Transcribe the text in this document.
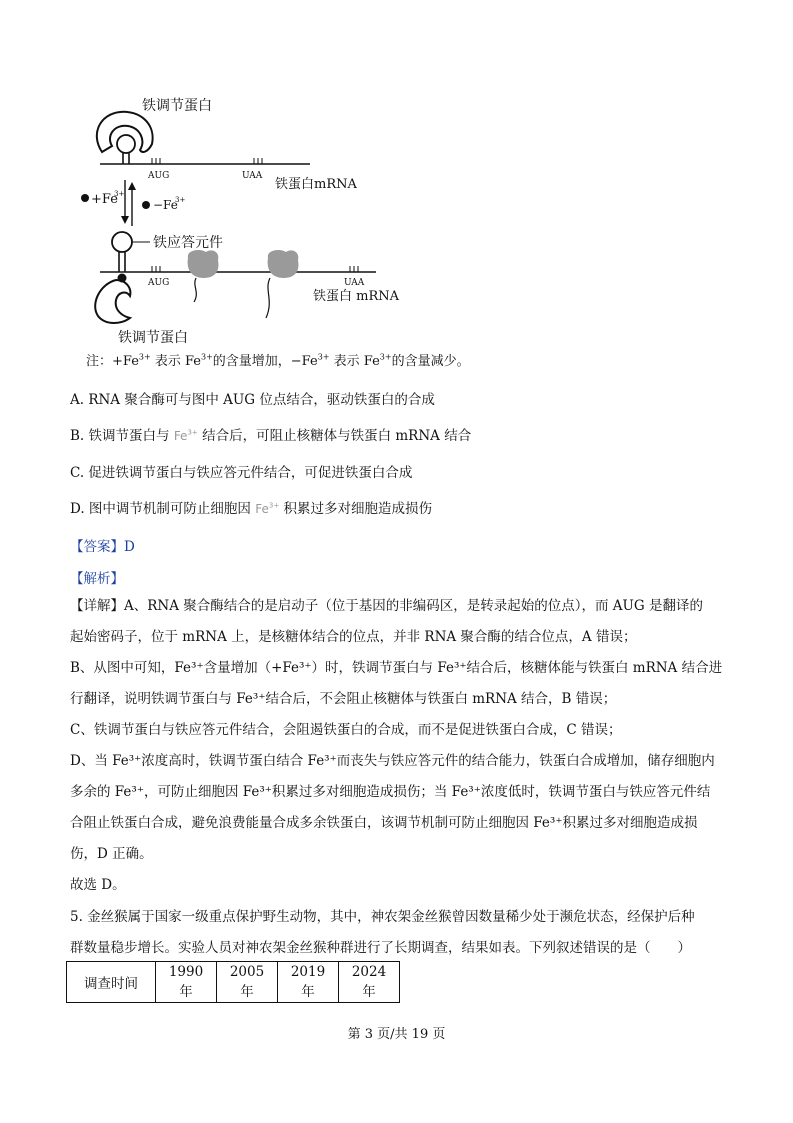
铁调节蛋白
AUG	UAA
铁蛋白mRNA
+Fe
3+
−Fe
3+
铁应答元件
AUG	UAA
铁蛋白 mRNA
铁调节蛋白
注：$+Fe^{3+}$ 表示 $Fe^{3+}$的含量增加，$-Fe^{3+}$ 表示 $Fe^{3+}$的含量减少。
A. RNA 聚合酶可与图中 AUG 位点结合，驱动铁蛋白的合成
B. 铁调节蛋白与 $Fe^{3+}$ 结合后，可阻止核糖体与铁蛋白 mRNA 结合
C. 促进铁调节蛋白与铁应答元件结合，可促进铁蛋白合成
D. 图中调节机制可防止细胞因 $Fe^{3+}$ 积累过多对细胞造成损伤
【答案】D
【解析】
【详解】A、RNA 聚合酶结合的是启动子（位于基因的非编码区，是转录起始的位点），而 AUG 是翻译的
起始密码子，位于 mRNA 上，是核糖体结合的位点，并非 RNA 聚合酶的结合位点，A 错误；
B、从图中可知，Fe³⁺含量增加（+Fe³⁺）时，铁调节蛋白与 Fe³⁺结合后，核糖体能与铁蛋白 mRNA 结合进
行翻译，说明铁调节蛋白与 Fe³⁺结合后，不会阻止核糖体与铁蛋白 mRNA 结合，B 错误；
C、铁调节蛋白与铁应答元件结合，会阻遏铁蛋白的合成，而不是促进铁蛋白合成，C 错误；
D、当 Fe³⁺浓度高时，铁调节蛋白结合 Fe³⁺而丧失与铁应答元件的结合能力，铁蛋白合成增加，储存细胞内
多余的 Fe³⁺，可防止细胞因 Fe³⁺积累过多对细胞造成损伤；当 Fe³⁺浓度低时，铁调节蛋白与铁应答元件结
合阻止铁蛋白合成，避免浪费能量合成多余铁蛋白，该调节机制可防止细胞因 Fe³⁺积累过多对细胞造成损
伤，D 正确。
故选 D。
5. 金丝猴属于国家一级重点保护野生动物，其中，神农架金丝猴曾因数量稀少处于濒危状态，经保护后种
群数量稳步增长。实验人员对神农架金丝猴种群进行了长期调查，结果如表。下列叙述错误的是（　　）
调查时间	1990 年	2005 年	2019 年	2024 年
第 3 页/共 19 页
